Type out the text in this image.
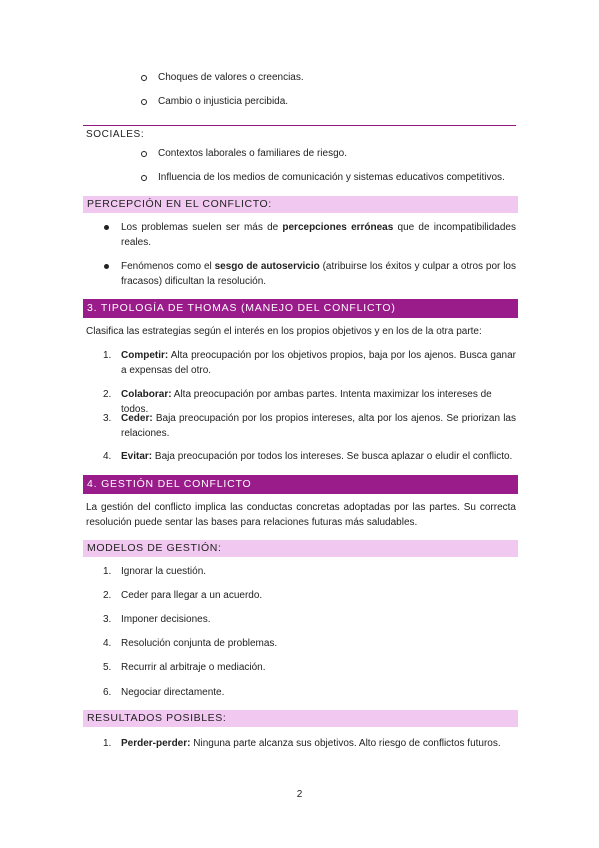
Choques de valores o creencias.
Cambio o injusticia percibida.
SOCIALES:
Contextos laborales o familiares de riesgo.
Influencia de los medios de comunicación y sistemas educativos competitivos.
PERCEPCIÓN EN EL CONFLICTO:
Los problemas suelen ser más de percepciones erróneas que de incompatibilidades reales.
Fenómenos como el sesgo de autoservicio (atribuirse los éxitos y culpar a otros por los fracasos) dificultan la resolución.
3. TIPOLOGÍA DE THOMAS (MANEJO DEL CONFLICTO)
Clasifica las estrategias según el interés en los propios objetivos y en los de la otra parte:
1. Competir: Alta preocupación por los objetivos propios, baja por los ajenos. Busca ganar a expensas del otro.
2. Colaborar: Alta preocupación por ambas partes. Intenta maximizar los intereses de todos.
3. Ceder: Baja preocupación por los propios intereses, alta por los ajenos. Se priorizan las relaciones.
4. Evitar: Baja preocupación por todos los intereses. Se busca aplazar o eludir el conflicto.
4. GESTIÓN DEL CONFLICTO
La gestión del conflicto implica las conductas concretas adoptadas por las partes. Su correcta resolución puede sentar las bases para relaciones futuras más saludables.
MODELOS DE GESTIÓN:
1. Ignorar la cuestión.
2. Ceder para llegar a un acuerdo.
3. Imponer decisiones.
4. Resolución conjunta de problemas.
5. Recurrir al arbitraje o mediación.
6. Negociar directamente.
RESULTADOS POSIBLES:
1. Perder-perder: Ninguna parte alcanza sus objetivos. Alto riesgo de conflictos futuros.
2
